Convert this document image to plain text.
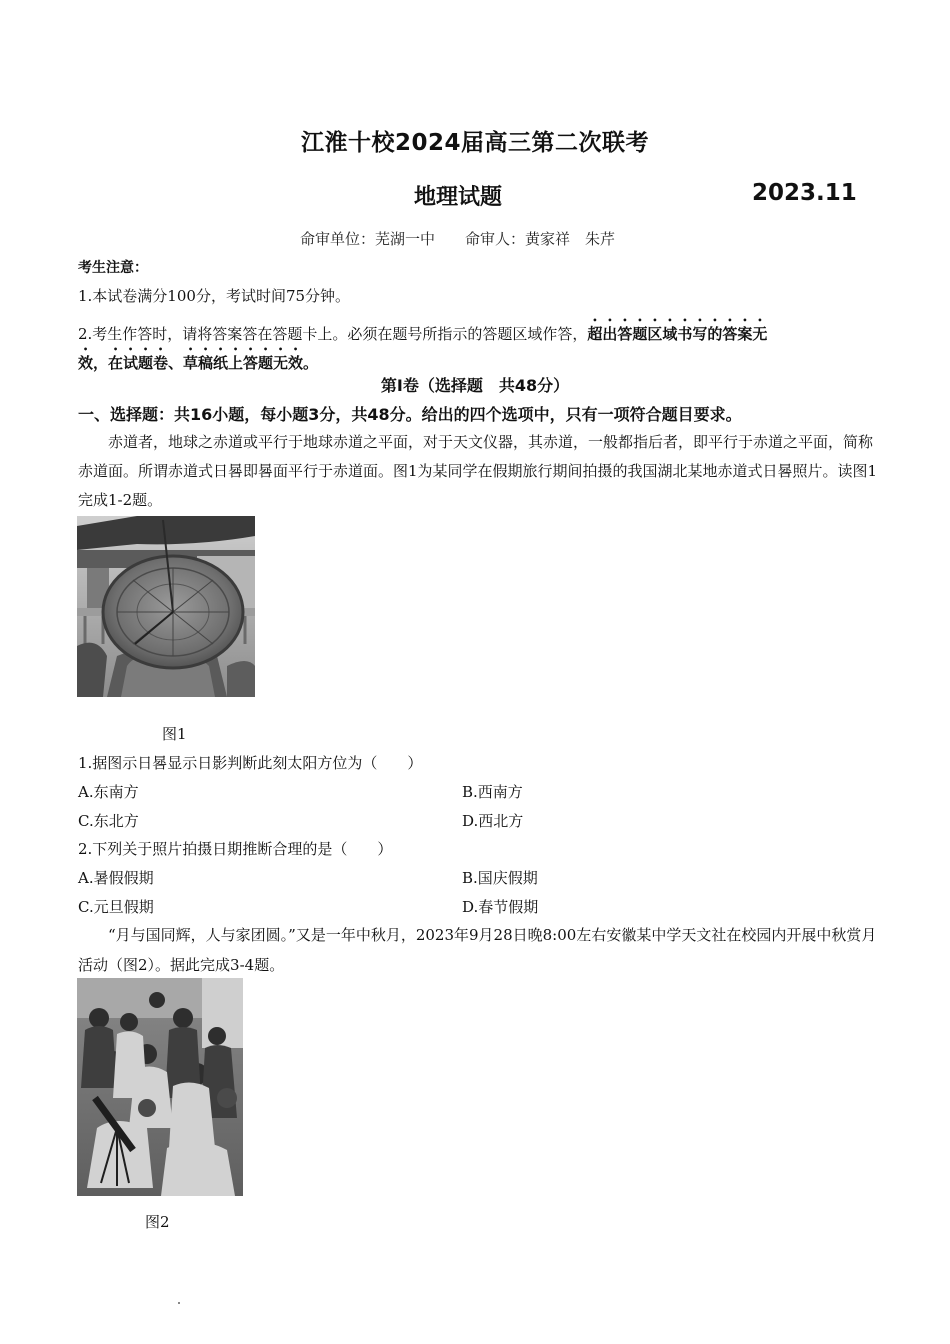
江淮十校2024届高三第二次联考
地理试题	2023.11
命审单位：芜湖一中 命审人：黄家祥　朱芹
考生注意：
1.本试卷满分100分，考试时间75分钟。
2.考生作答时，请将答案答在答题卡上。必须在题号所指示的答题区域作答，超出答题区域书写的答案无
效，在试题卷、草稿纸上答题无效。
第Ⅰ卷（选择题　共48分）
一、选择题：共16小题，每小题3分，共48分。给出的四个选项中，只有一项符合题目要求。
赤道者，地球之赤道或平行于地球赤道之平面，对于天文仪器，其赤道，一般都指后者，即平行于赤道之平面，简称赤道面。所谓赤道式日晷即晷面平行于赤道面。图1为某同学在假期旅行期间拍摄的我国湖北某地赤道式日晷照片。读图1完成1-2题。
图1
1.据图示日晷显示日影判断此刻太阳方位为（　　）
A.东南方	B.西南方
C.东北方	D.西北方
2.下列关于照片拍摄日期推断合理的是（　　）
A.暑假假期	B.国庆假期
C.元旦假期	D.春节假期
“月与国同辉，人与家团圆。”又是一年中秋月，2023年9月28日晚8:00左右安徽某中学天文社在校园内开展中秋赏月活动（图2）。据此完成3-4题。
图2
